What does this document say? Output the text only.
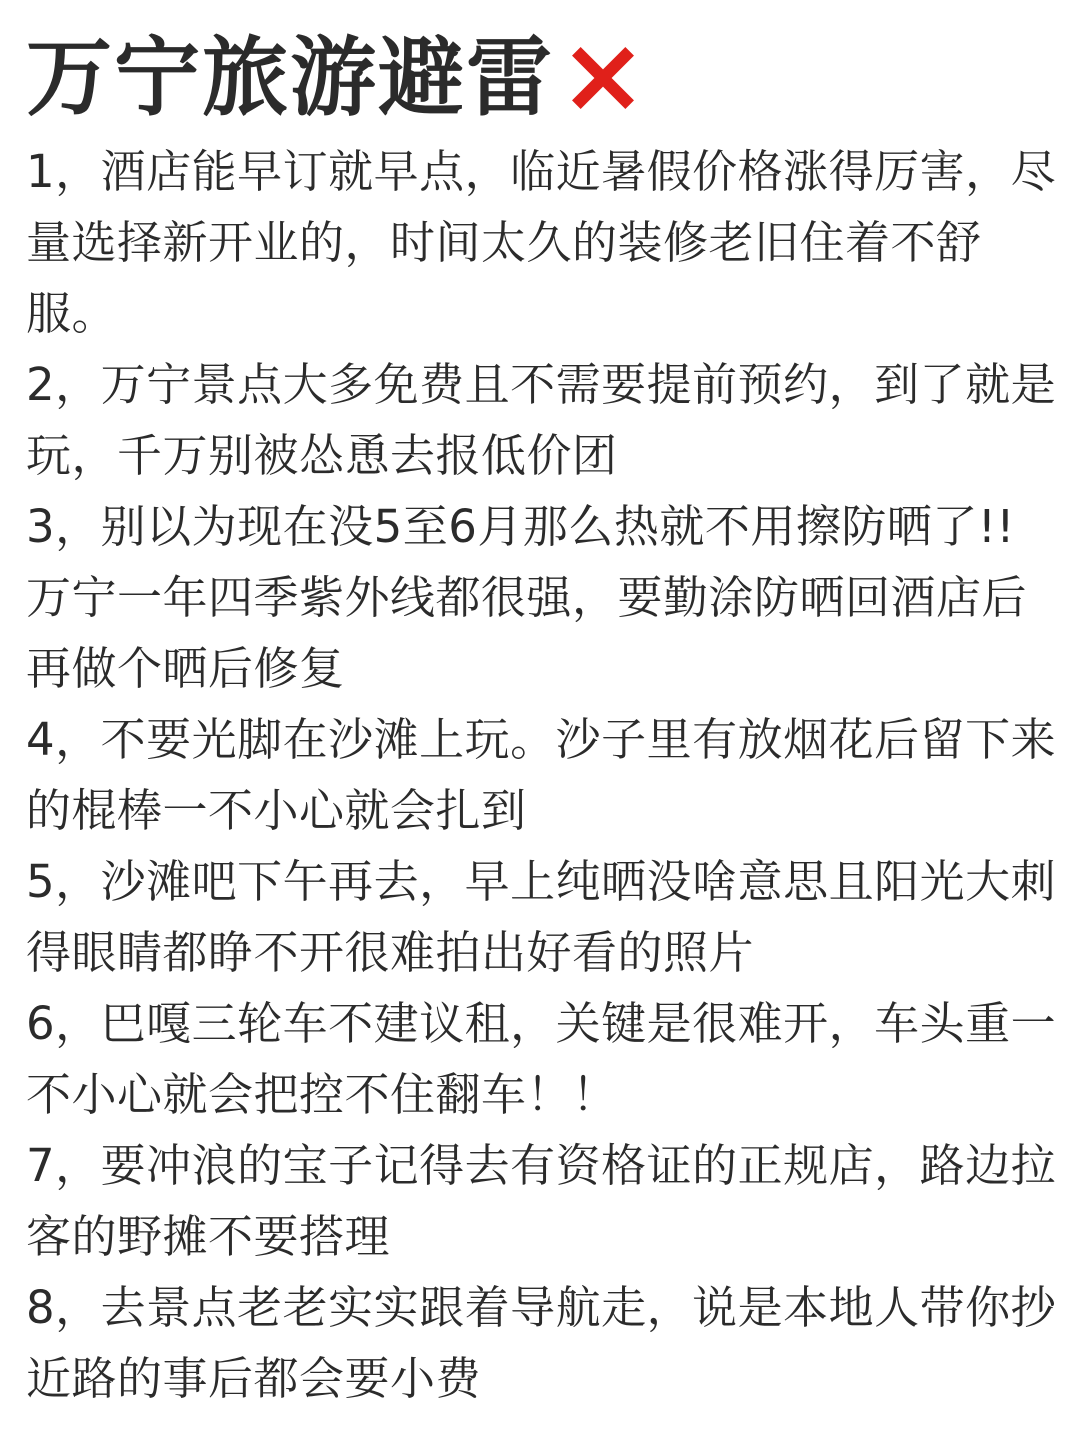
万宁旅游避雷
1，酒店能早订就早点，临近暑假价格涨得厉害，尽量选择新开业的，时间太久的装修老旧住着不舒服。
2，万宁景点大多免费且不需要提前预约，到了就是玩，千万别被怂恿去报低价团
3，别以为现在没5至6月那么热就不用擦防晒了!! 万宁一年四季紫外线都很强，要勤涂防晒回酒店后再做个晒后修复
4，不要光脚在沙滩上玩。沙子里有放烟花后留下来的棍棒一不小心就会扎到
5，沙滩吧下午再去，早上纯晒没啥意思且阳光大刺得眼睛都睁不开很难拍出好看的照片
6，巴嘎三轮车不建议租，关键是很难开，车头重一不小心就会把控不住翻车！！
7，要冲浪的宝子记得去有资格证的正规店，路边拉客的野摊不要搭理
8，去景点老老实实跟着导航走，说是本地人带你抄近路的事后都会要小费
